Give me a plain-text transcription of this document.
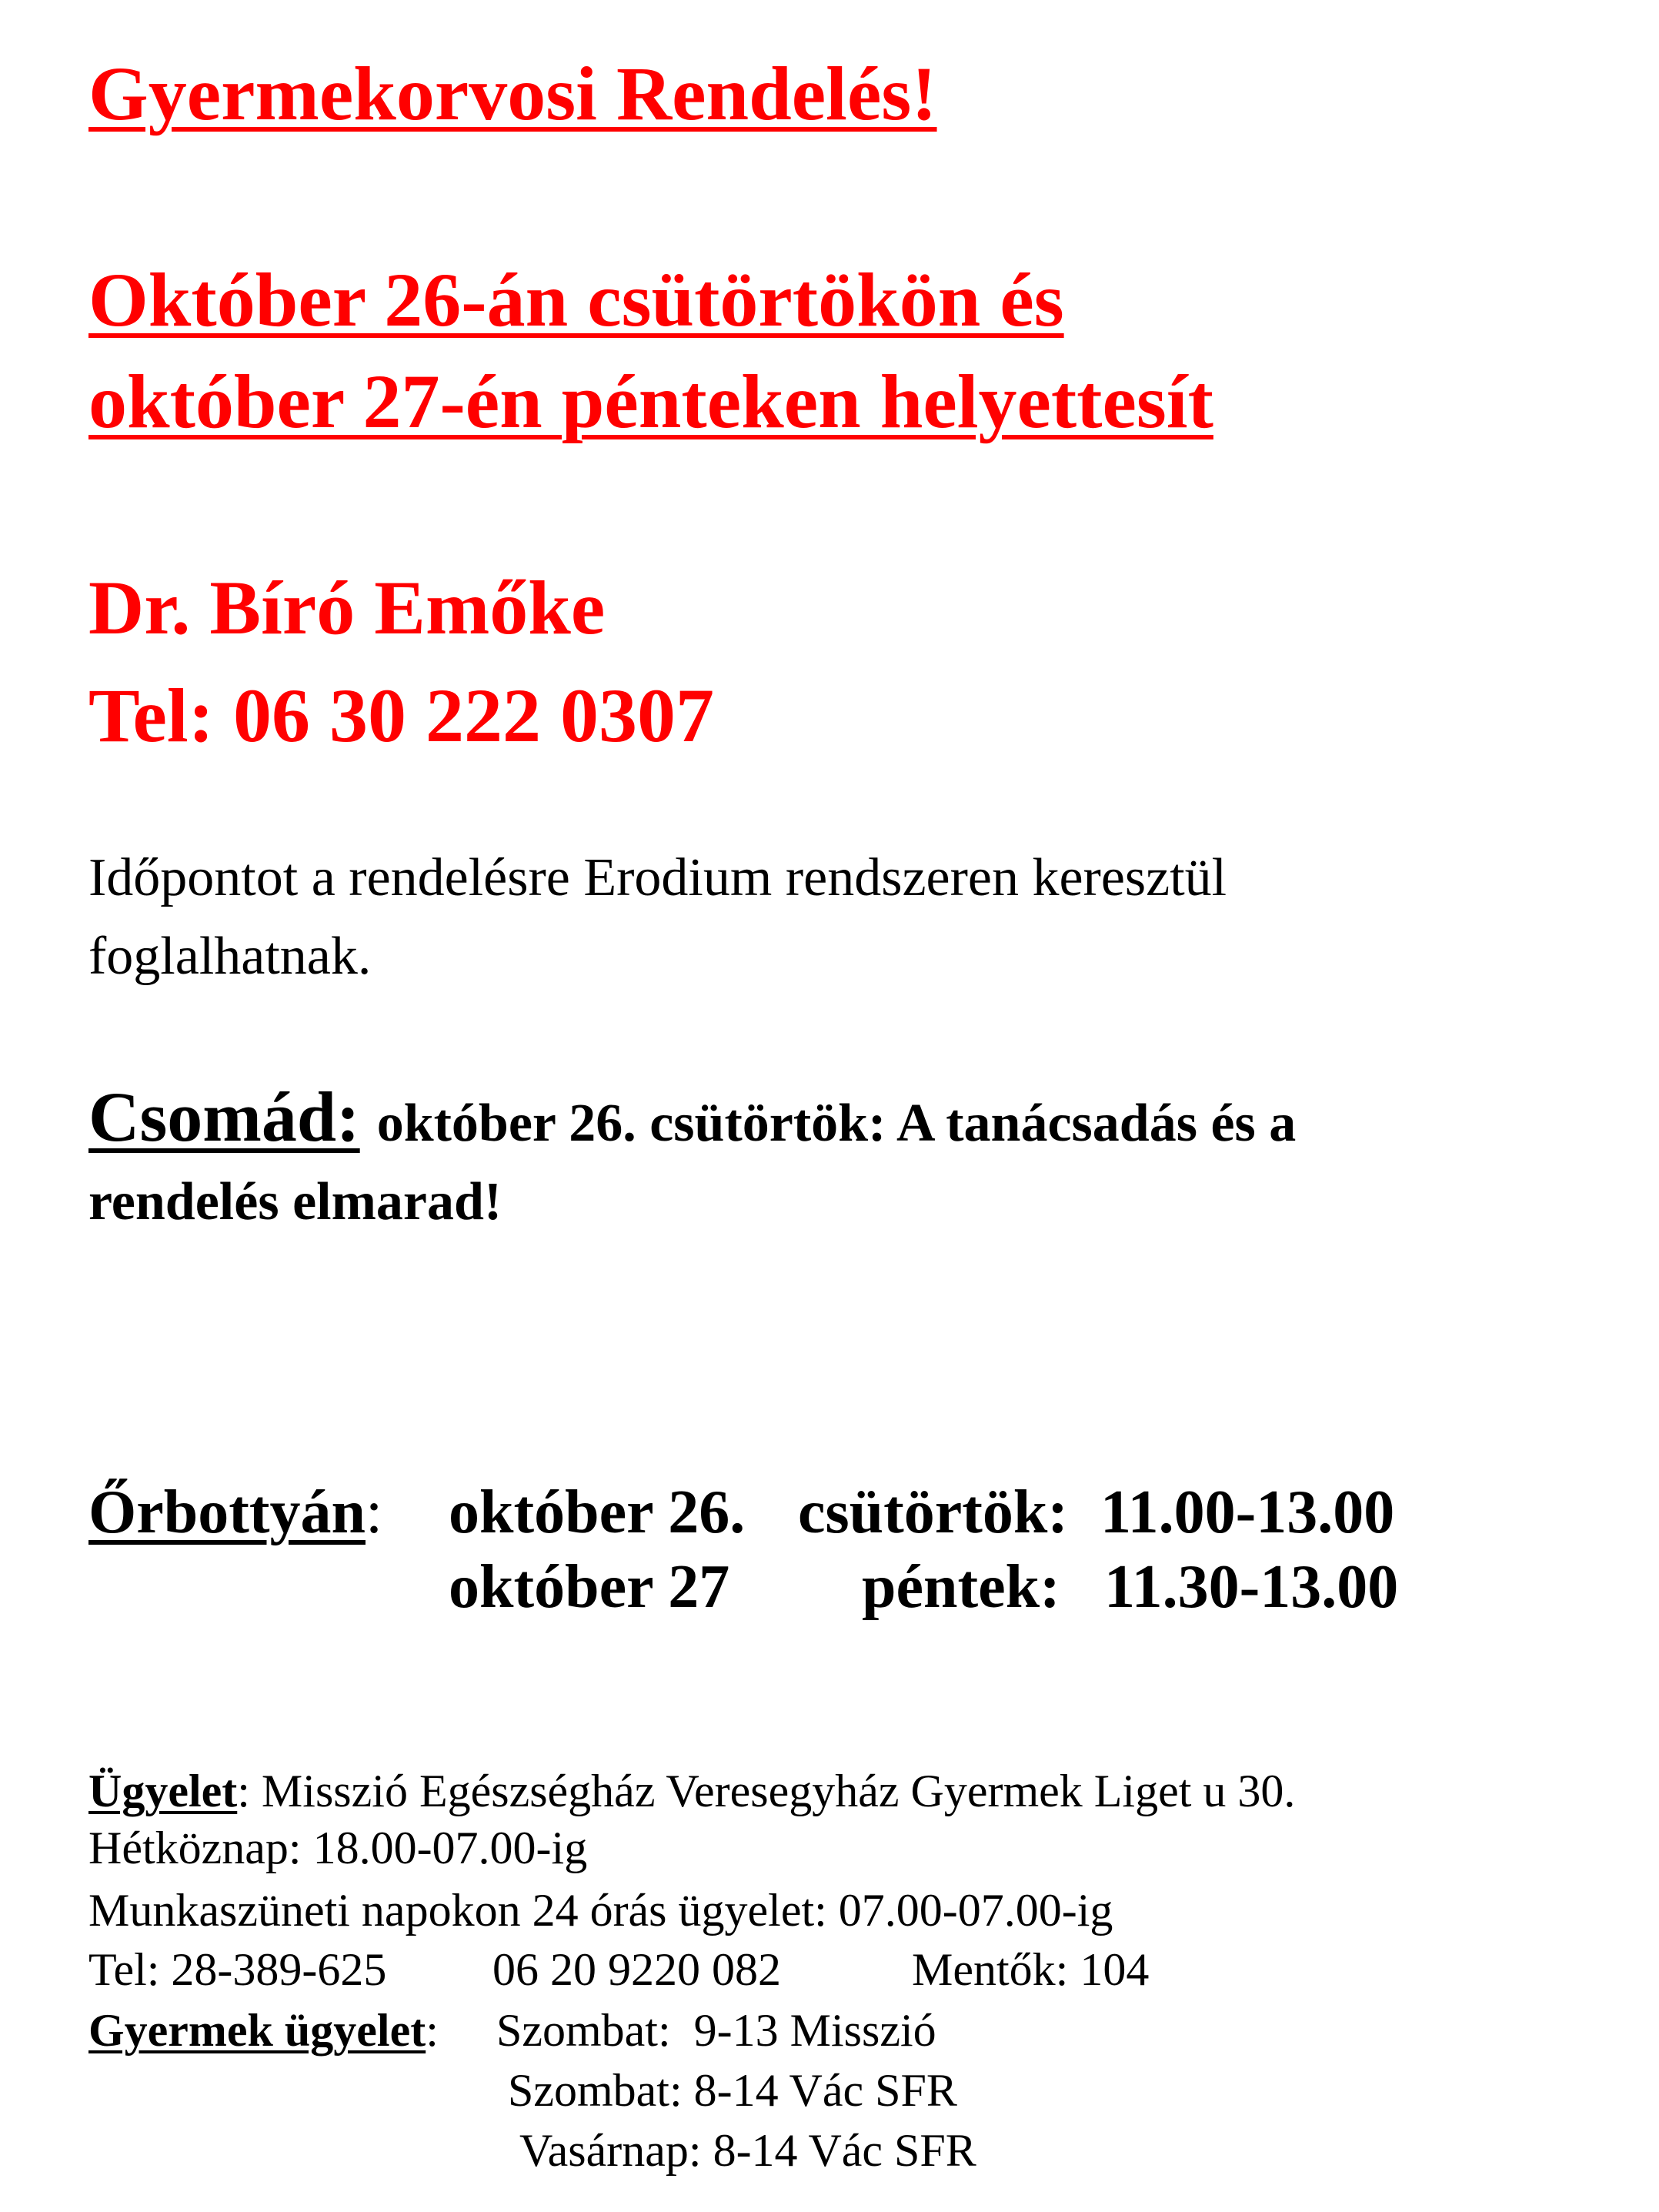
Gyermekorvosi Rendelés!
Október 26-án csütörtökön és
október 27-én pénteken helyettesít
Dr. Bíró Emőke
Tel: 06 30 222 0307
Időpontot a rendelésre Erodium rendszeren keresztül
foglalhatnak.
Csomád: október 26. csütörtök: A tanácsadás és a
rendelés elmarad!
Őrbottyán: október 26. csütörtök: 11.00-13.00
október 27 péntek: 11.30-13.00
Ügyelet: Misszió Egészségház Veresegyház Gyermek Liget u 30.
Hétköznap: 18.00-07.00-ig
Munkaszüneti napokon 24 órás ügyelet: 07.00-07.00-ig
Tel: 28-389-625 06 20 9220 082	Mentők: 104
Gyermek ügyelet: Szombat:  9-13 Misszió
Szombat: 8-14 Vác SFR
Vasárnap: 8-14 Vác SFR
